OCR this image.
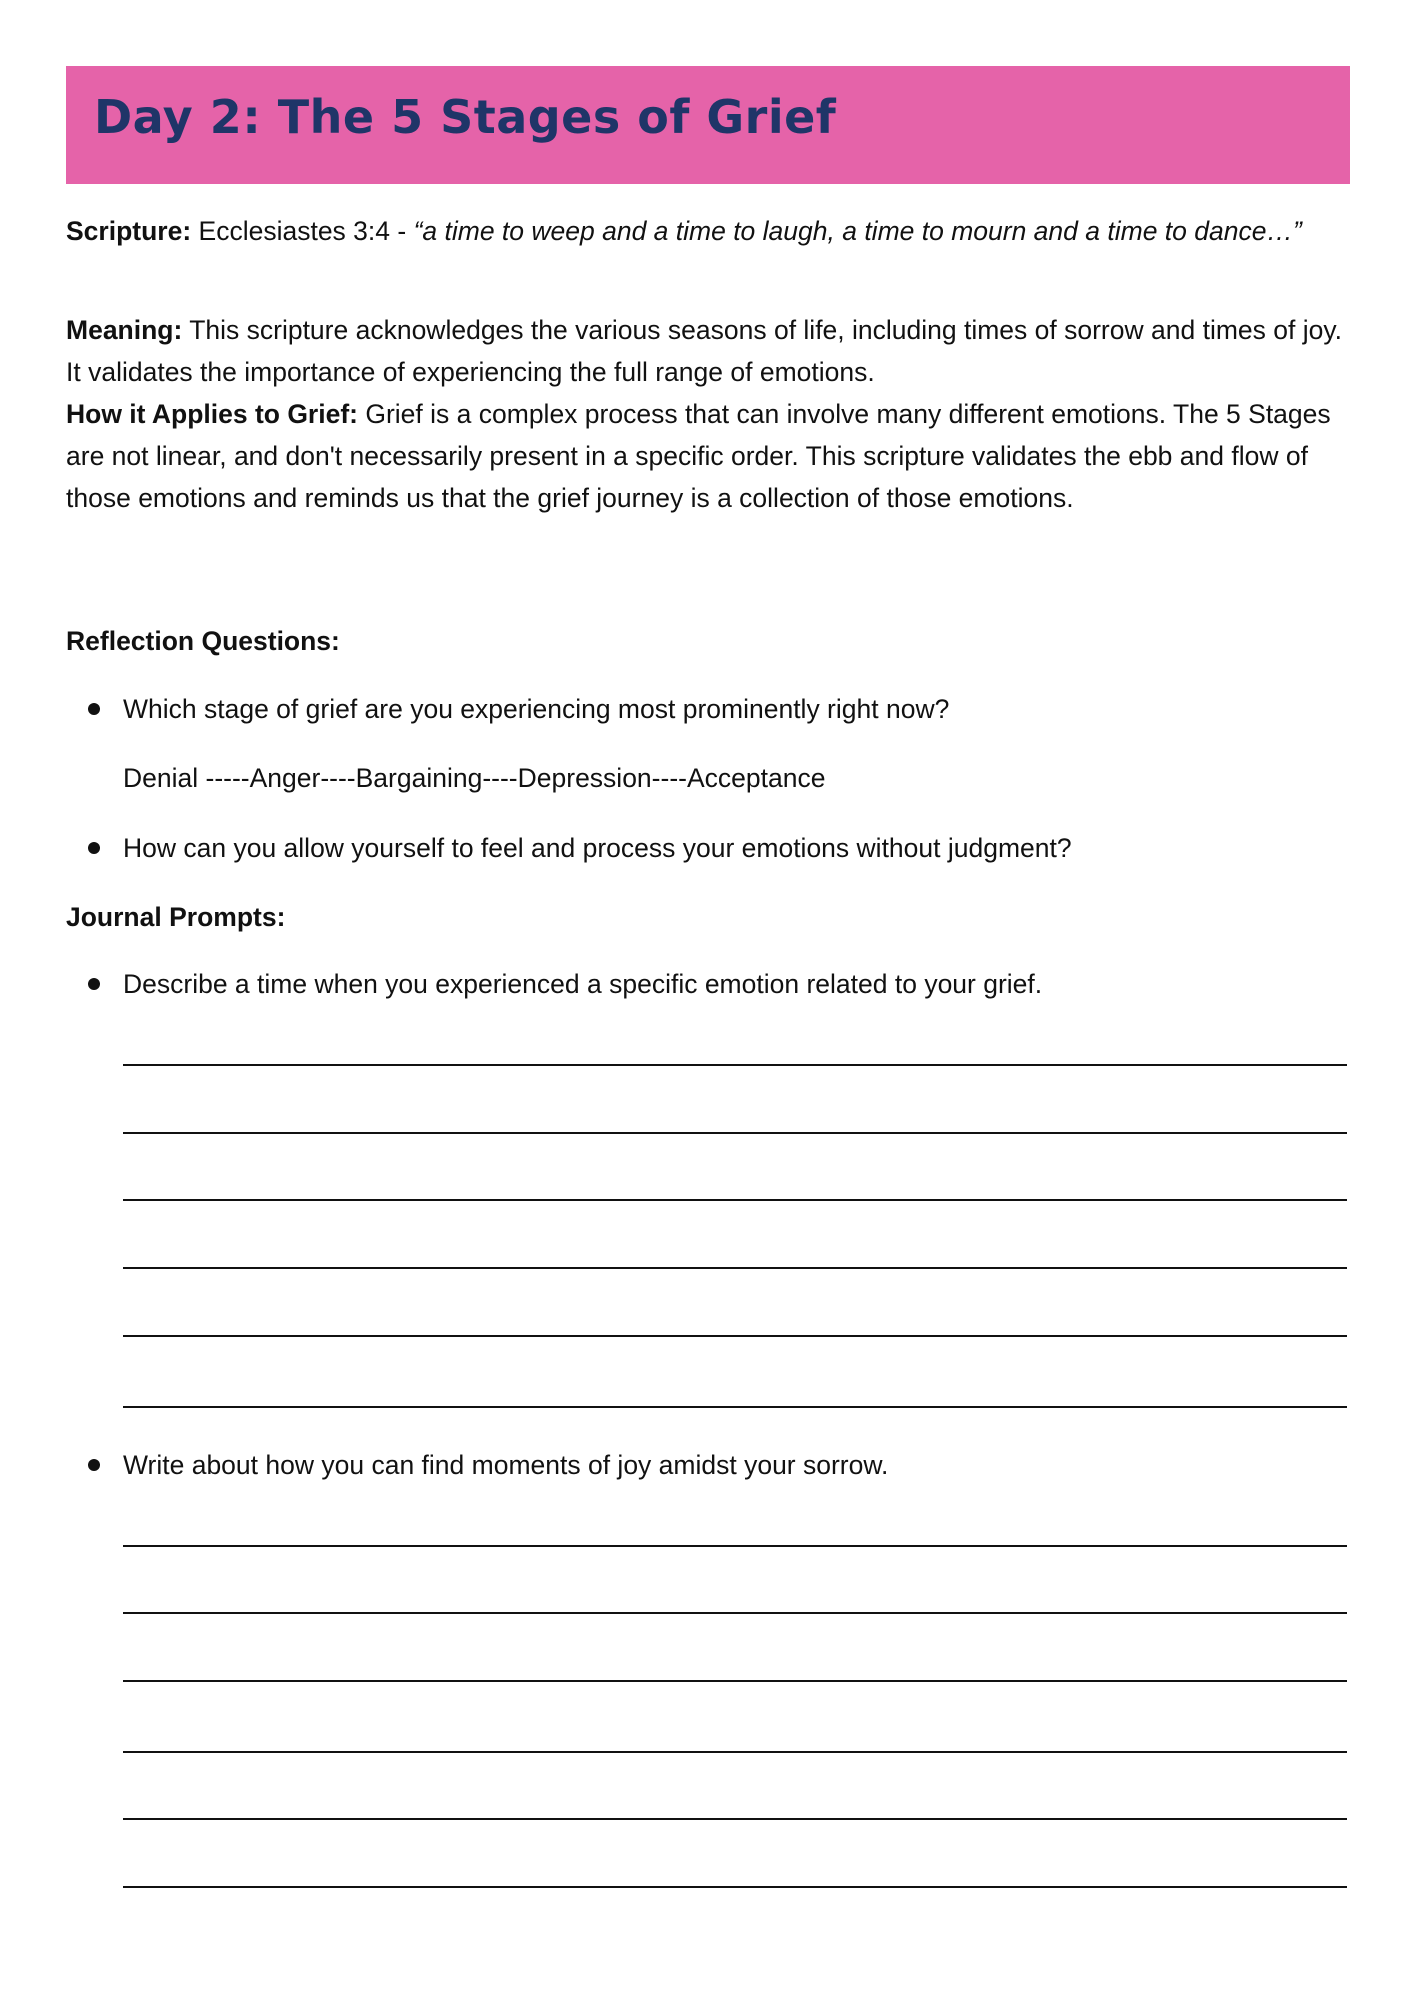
Day 2: The 5 Stages of Grief

Scripture: Ecclesiastes 3:4 - “a time to weep and a time to laugh, a time to mourn and a time to dance…”

Meaning: This scripture acknowledges the various seasons of life, including times of sorrow and times of joy. It validates the importance of experiencing the full range of emotions.

How it Applies to Grief: Grief is a complex process that can involve many different emotions. The 5 Stages are not linear, and don't necessarily present in a specific order. This scripture validates the ebb and flow of those emotions and reminds us that the grief journey is a collection of those emotions.

Reflection Questions:

Which stage of grief are you experiencing most prominently right now?

Denial -----Anger----Bargaining----Depression----Acceptance

How can you allow yourself to feel and process your emotions without judgment?

Journal Prompts:

Describe a time when you experienced a specific emotion related to your grief.

Write about how you can find moments of joy amidst your sorrow.
